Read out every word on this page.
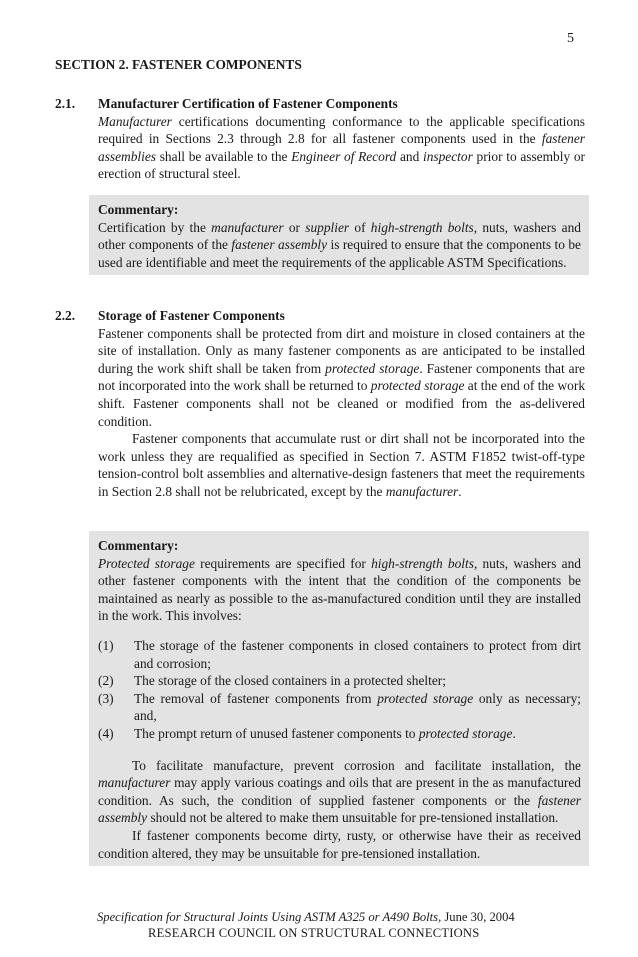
5
SECTION 2. FASTENER COMPONENTS
2.1. Manufacturer Certification of Fastener Components

Manufacturer certifications documenting conformance to the applicable specifications required in Sections 2.3 through 2.8 for all fastener components used in the fastener assemblies shall be available to the Engineer of Record and inspector prior to assembly or erection of structural steel.

Commentary:

Certification by the manufacturer or supplier of high-strength bolts, nuts, washers and other components of the fastener assembly is required to ensure that the components to be used are identifiable and meet the requirements of the applicable ASTM Specifications.

2.2. Storage of Fastener Components

Fastener components shall be protected from dirt and moisture in closed containers at the site of installation. Only as many fastener components as are anticipated to be installed during the work shift shall be taken from protected storage. Fastener components that are not incorporated into the work shall be returned to protected storage at the end of the work shift. Fastener components shall not be cleaned or modified from the as-delivered condition.

Fastener components that accumulate rust or dirt shall not be incorporated into the work unless they are requalified as specified in Section 7. ASTM F1852 twist-off-type tension-control bolt assemblies and alternative-design fasteners that meet the requirements in Section 2.8 shall not be relubricated, except by the manufacturer.

Commentary:

Protected storage requirements are specified for high-strength bolts, nuts, washers and other fastener components with the intent that the condition of the components be maintained as nearly as possible to the as-manufactured condition until they are installed in the work. This involves:

(1) The storage of the fastener components in closed containers to protect from dirt and corrosion;
(2) The storage of the closed containers in a protected shelter;
(3) The removal of fastener components from protected storage only as necessary; and,
(4) The prompt return of unused fastener components to protected storage.

To facilitate manufacture, prevent corrosion and facilitate installation, the manufacturer may apply various coatings and oils that are present in the as manufactured condition. As such, the condition of supplied fastener components or the fastener assembly should not be altered to make them unsuitable for pre-tensioned installation.

If fastener components become dirty, rusty, or otherwise have their as received condition altered, they may be unsuitable for pre-tensioned installation.

Specification for Structural Joints Using ASTM A325 or A490 Bolts, June 30, 2004
RESEARCH COUNCIL ON STRUCTURAL CONNECTIONS
